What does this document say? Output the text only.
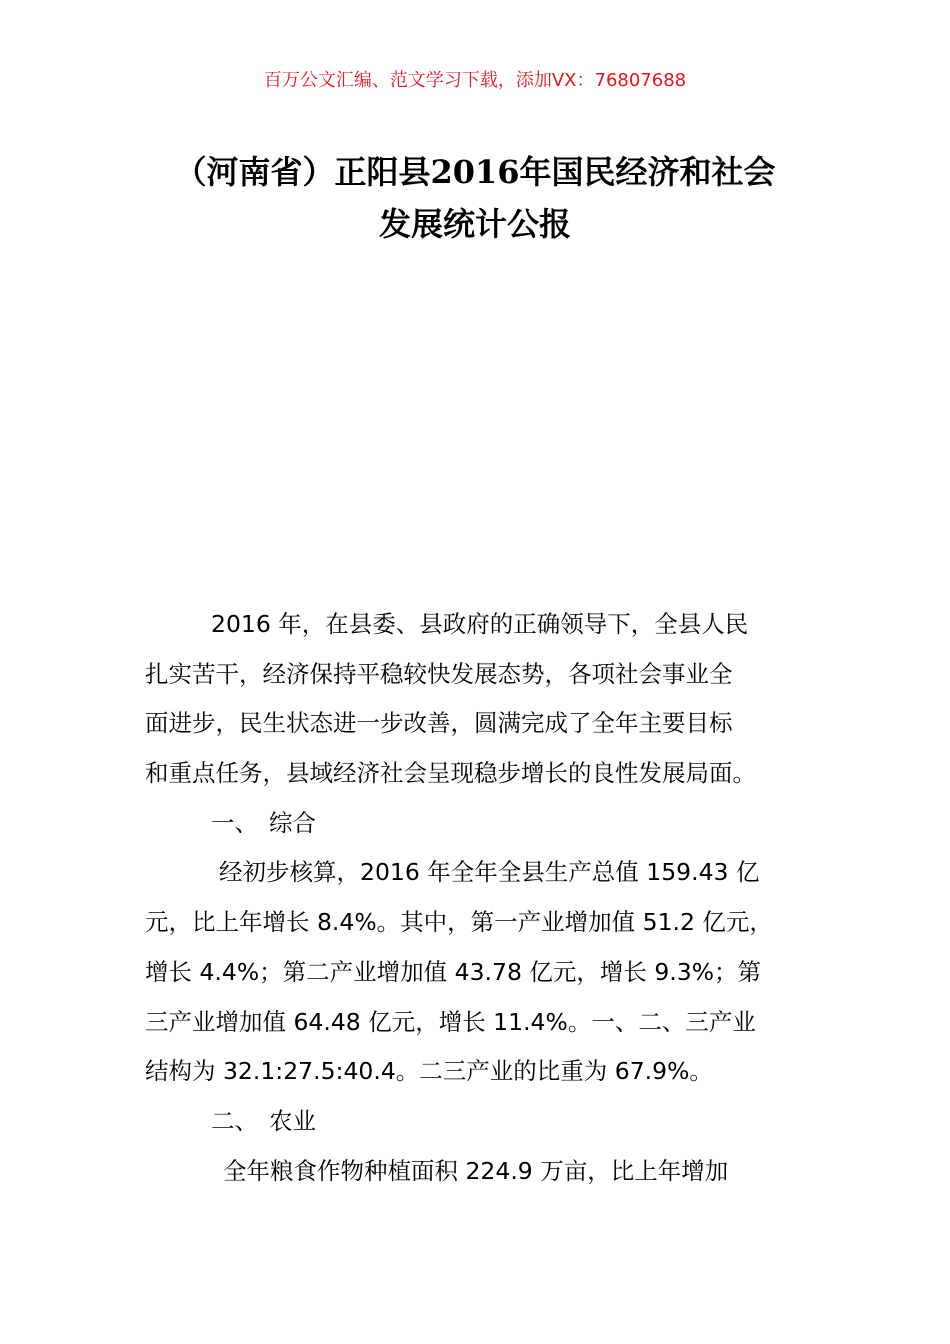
百万公文汇编、范文学习下载，添加VX：76807688
（河南省）正阳县2016年国民经济和社会
发展统计公报
2016 年，在县委、县政府的正确领导下，全县人民
扎实苦干，经济保持平稳较快发展态势，各项社会事业全
面进步，民生状态进一步改善，圆满完成了全年主要目标
和重点任务，县域经济社会呈现稳步增长的良性发展局面。
一、 综合
经初步核算，2016 年全年全县生产总值 159.43 亿
元，比上年增长 8.4%。其中，第一产业增加值 51.2 亿元，
增长 4.4%；第二产业增加值 43.78 亿元，增长 9.3%；第
三产业增加值 64.48 亿元，增长 11.4%。一、二、三产业
结构为 32.1:27.5:40.4。二三产业的比重为 67.9%。
二、 农业
全年粮食作物种植面积 224.9 万亩，比上年增加
